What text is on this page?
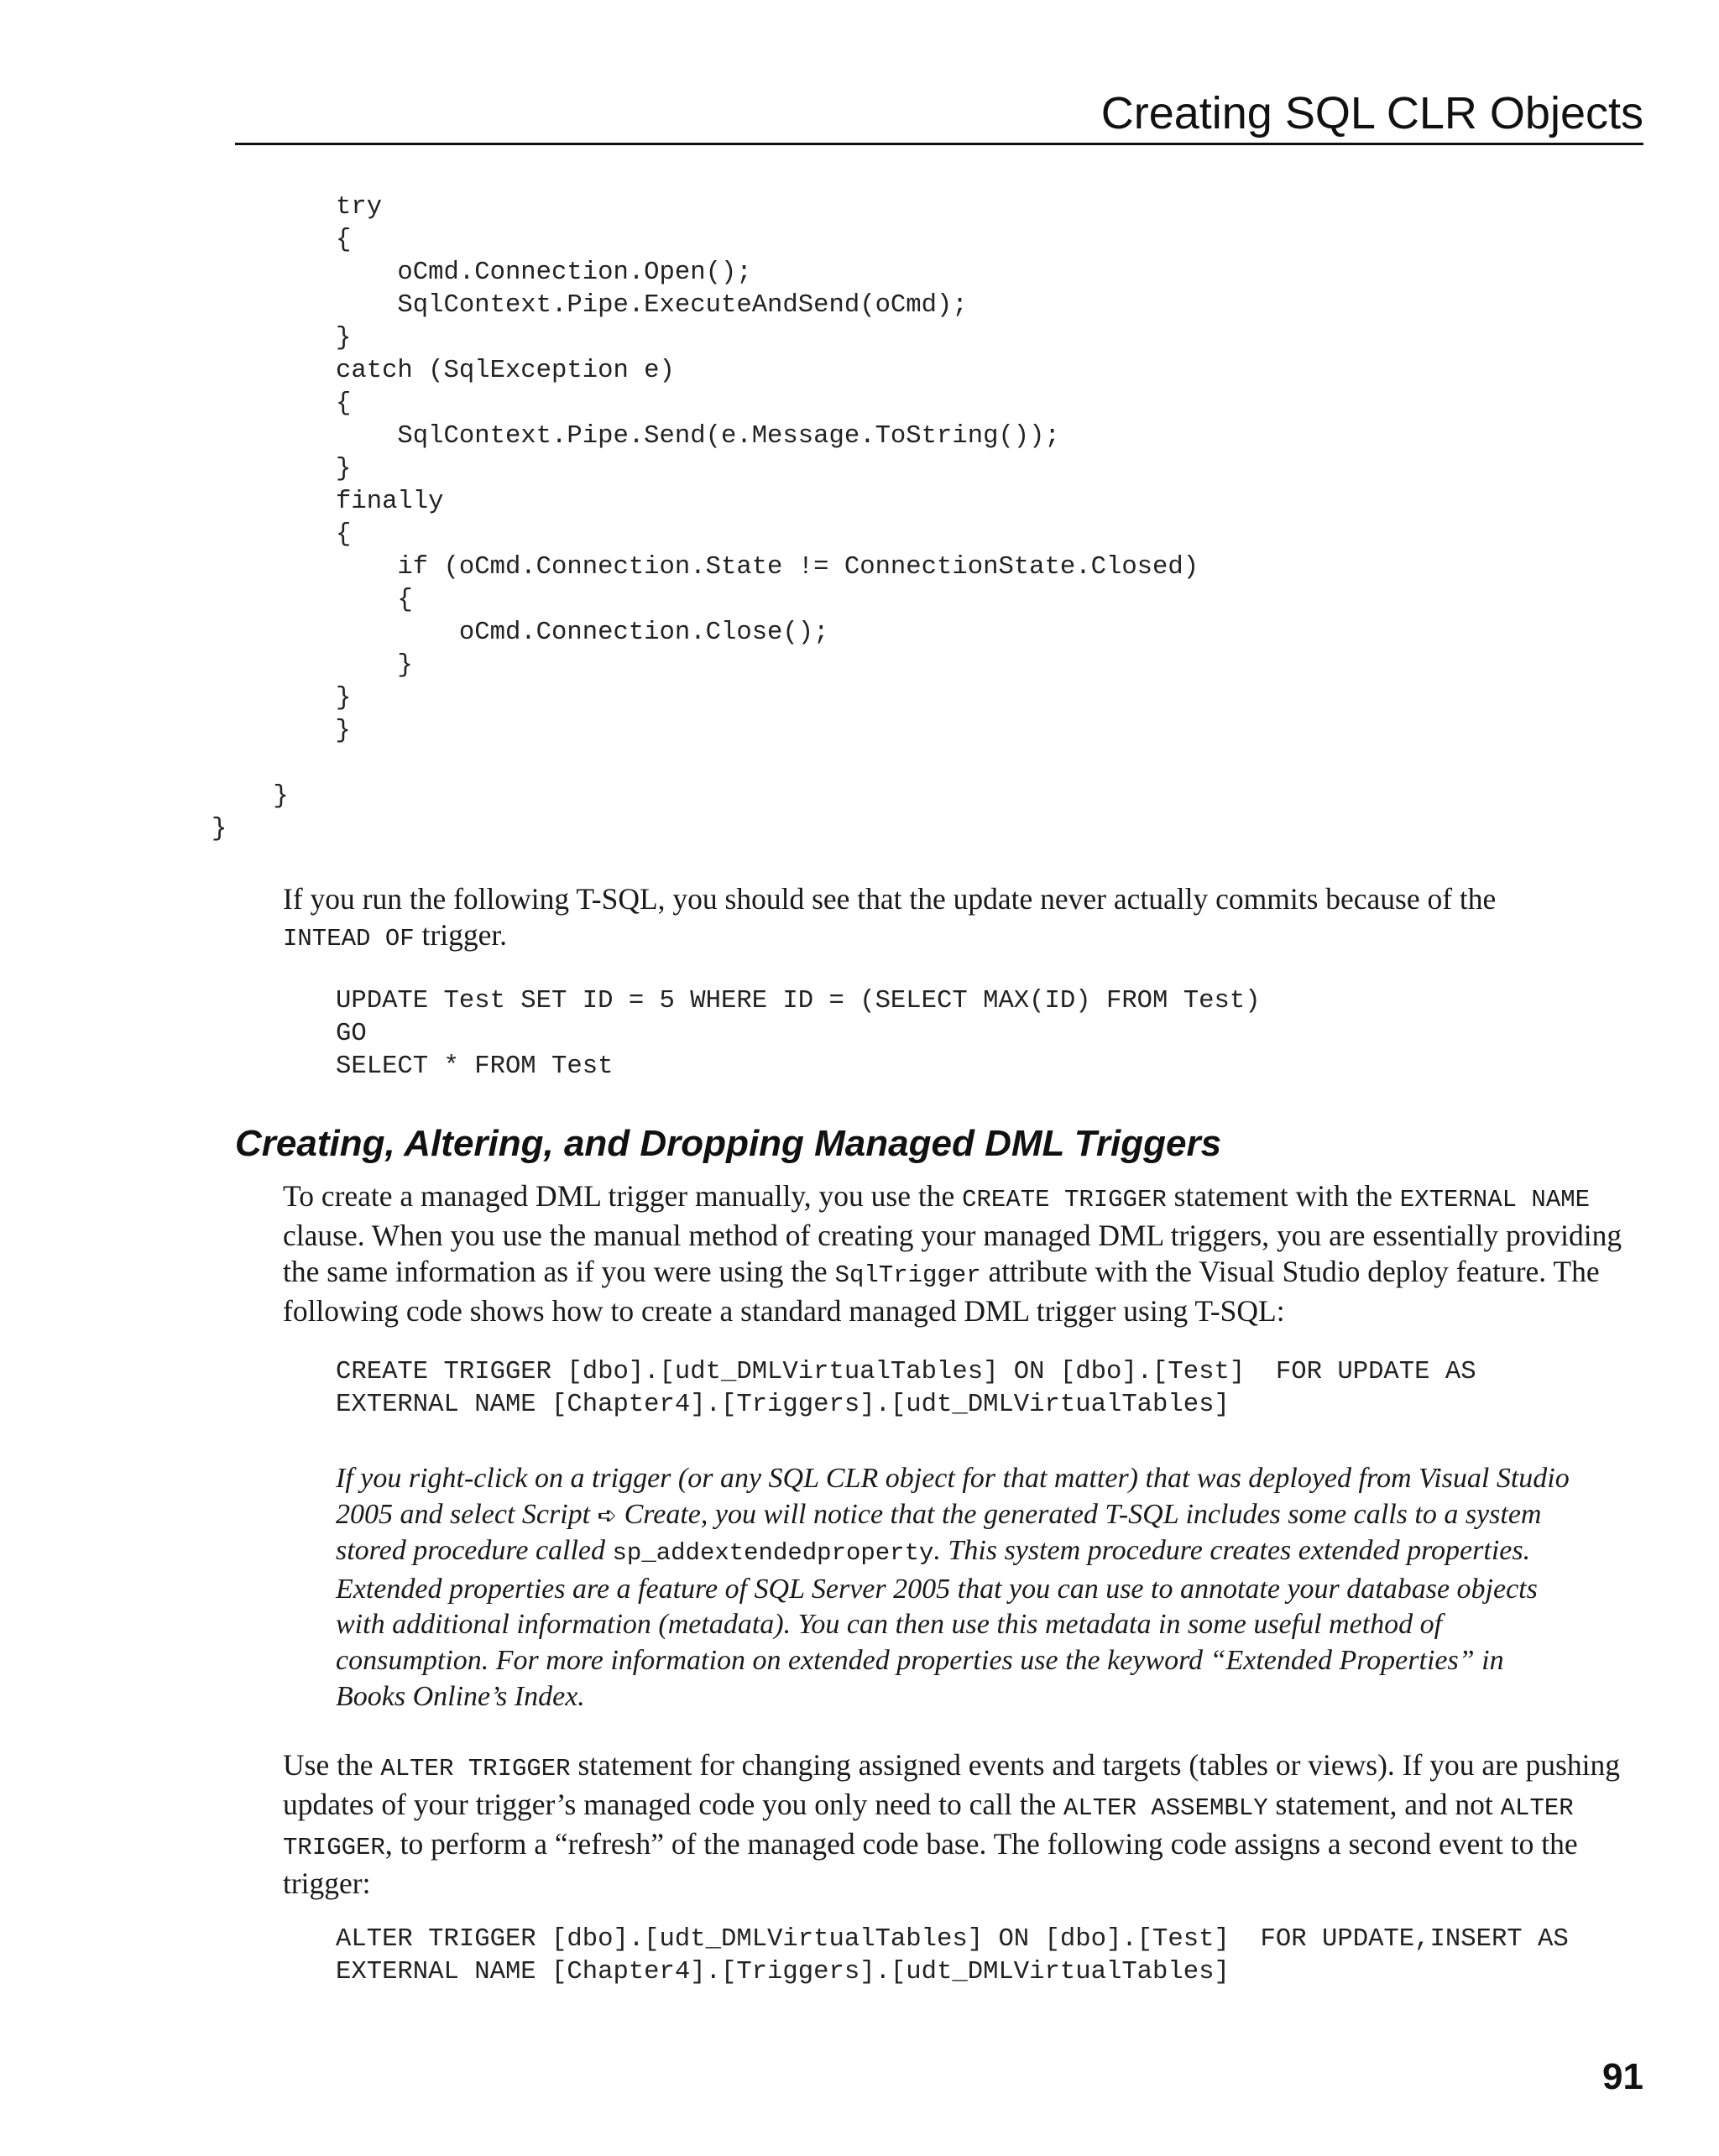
Creating SQL CLR Objects
try
{
oCmd.Connection.Open();
SqlContext.Pipe.ExecuteAndSend(oCmd);
}
catch (SqlException e)
{
SqlContext.Pipe.Send(e.Message.ToString());
}
finally
{
if (oCmd.Connection.State != ConnectionState.Closed)
{
oCmd.Connection.Close();
}
}
}

}
}

If you run the following T-SQL, you should see that the update never actually commits because of the
INTEAD OF trigger.

UPDATE Test SET ID = 5 WHERE ID = (SELECT MAX(ID) FROM Test)
GO
SELECT * FROM Test
Creating, Altering, and Dropping Managed DML Triggers

To create a managed DML trigger manually, you use the CREATE TRIGGER statement with the EXTERNAL NAME clause. When you use the manual method of creating your managed DML triggers, you are essentially providing the same information as if you were using the SqlTrigger attribute with the Visual Studio deploy feature. The following code shows how to create a standard managed DML trigger using T-SQL:

CREATE TRIGGER [dbo].[udt_DMLVirtualTables] ON [dbo].[Test]  FOR UPDATE AS
EXTERNAL NAME [Chapter4].[Triggers].[udt_DMLVirtualTables]

If you right-click on a trigger (or any SQL CLR object for that matter) that was deployed from Visual Studio 2005 and select Script ➪ Create, you will notice that the generated T-SQL includes some calls to a system stored procedure called sp_addextendedproperty. This system procedure creates extended properties. Extended properties are a feature of SQL Server 2005 that you can use to annotate your database objects with additional information (metadata). You can then use this metadata in some useful method of consumption. For more information on extended properties use the keyword “Extended Properties” in Books Online’s Index.

Use the ALTER TRIGGER statement for changing assigned events and targets (tables or views). If you are pushing updates of your trigger’s managed code you only need to call the ALTER ASSEMBLY statement, and not ALTER TRIGGER, to perform a “refresh” of the managed code base. The following code assigns a second event to the trigger:

ALTER TRIGGER [dbo].[udt_DMLVirtualTables] ON [dbo].[Test]  FOR UPDATE,INSERT AS
EXTERNAL NAME [Chapter4].[Triggers].[udt_DMLVirtualTables]
91
